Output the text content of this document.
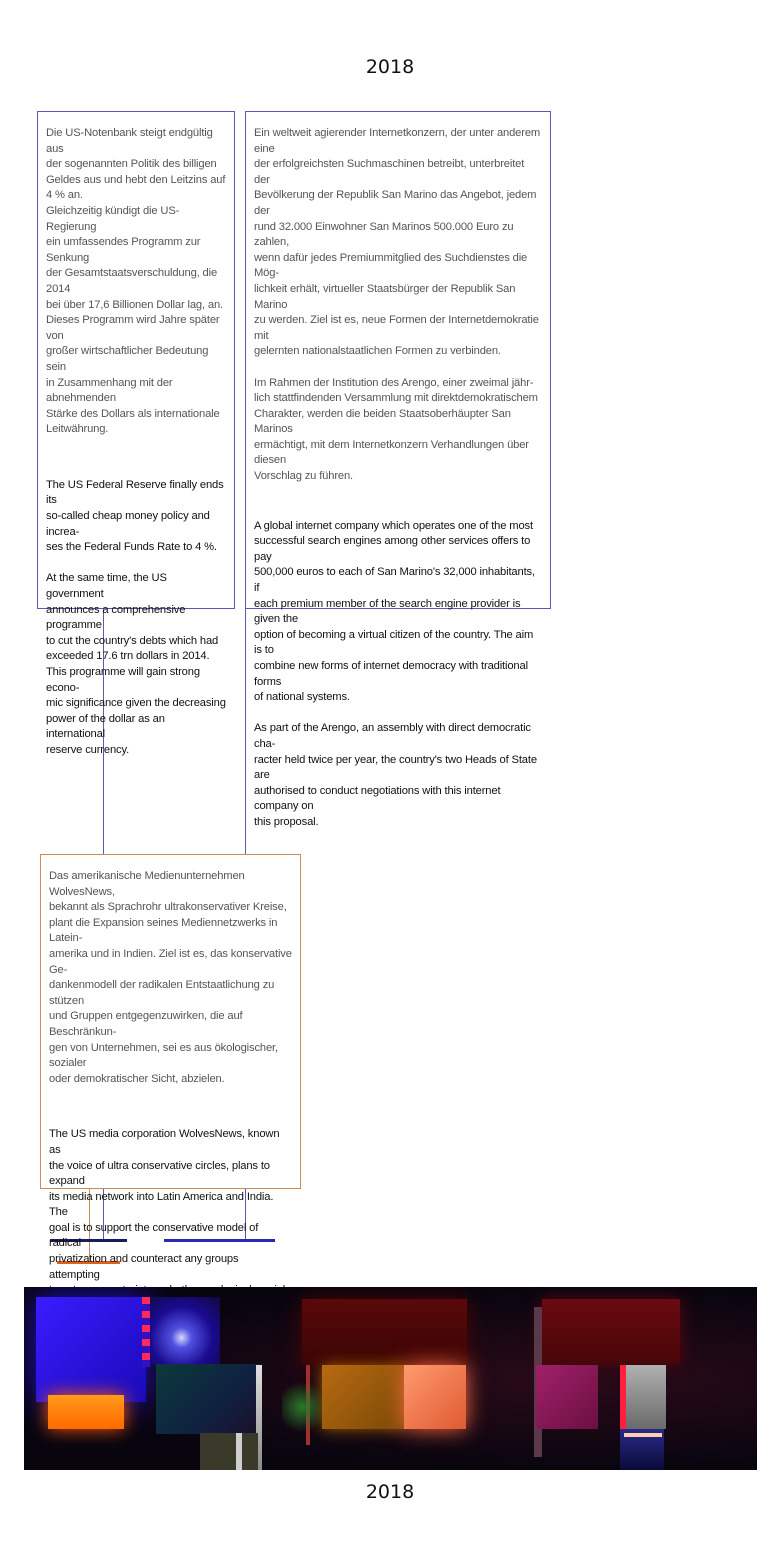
2018
Die US-Notenbank steigt endgültig aus
der sogenannten Politik des billigen
Geldes aus und hebt den Leitzins auf
4 % an.
Gleichzeitig kündigt die US-Regierung
ein umfassendes Programm zur Senkung
der Gesamtstaatsverschuldung, die 2014
bei über 17,6 Billionen Dollar lag, an.
Dieses Programm wird Jahre später von
großer wirtschaftlicher Bedeutung sein
in Zusammenhang mit der abnehmenden
Stärke des Dollars als internationale
Leitwährung.
The US Federal Reserve finally ends its
so-called cheap money policy and increa-
ses the Federal Funds Rate to 4 %.

At the same time, the US government
announces a comprehensive programme
to cut the country's debts which had
exceeded 17.6 trn dollars in 2014.
This programme will gain strong econo-
mic significance given the decreasing
power of the dollar as an international
reserve currency.
Ein weltweit agierender Internetkonzern, der unter anderem eine
der erfolgreichsten Suchmaschinen betreibt, unterbreitet der
Bevölkerung der Republik San Marino das Angebot, jedem der
rund 32.000 Einwohner San Marinos 500.000 Euro zu zahlen,
wenn dafür jedes Premiummitglied des Suchdienstes die Mög-
lichkeit erhält, virtueller Staatsbürger der Republik San Marino
zu werden. Ziel ist es, neue Formen der Internetdemokratie mit
gelernten nationalstaatlichen Formen zu verbinden.

Im Rahmen der Institution des Arengo, einer zweimal jähr-
lich stattfindenden Versammlung mit direktdemokratischem
Charakter, werden die beiden Staatsoberhäupter San Marinos
ermächtigt, mit dem Internetkonzern Verhandlungen über diesen
Vorschlag zu führen.
A global internet company which operates one of the most
successful search engines among other services offers to pay
500,000 euros to each of San Marino's 32,000 inhabitants, if
each premium member of the search engine provider is given the
option of becoming a virtual citizen of the country. The aim is to
combine new forms of internet democracy with traditional forms
of national systems.

As part of the Arengo, an assembly with direct democratic cha-
racter held twice per year, the country's two Heads of State are
authorised to conduct negotiations with this internet company on
this proposal.
Das amerikanische Medienunternehmen WolvesNews,
bekannt als Sprachrohr ultrakonservativer Kreise,
plant die Expansion seines Mediennetzwerks in Latein-
amerika und in Indien. Ziel ist es, das konservative Ge-
dankenmodell der radikalen Entstaatlichung zu stützen
und Gruppen entgegenzuwirken, die auf Beschränkun-
gen von Unternehmen, sei es aus ökologischer, sozialer
oder demokratischer Sicht, abzielen.
The US media corporation WolvesNews, known as
the voice of ultra conservative circles, plans to expand
its media network into Latin America and India. The
goal is to support the conservative model of radical
privatization and counteract any groups attempting

2018
